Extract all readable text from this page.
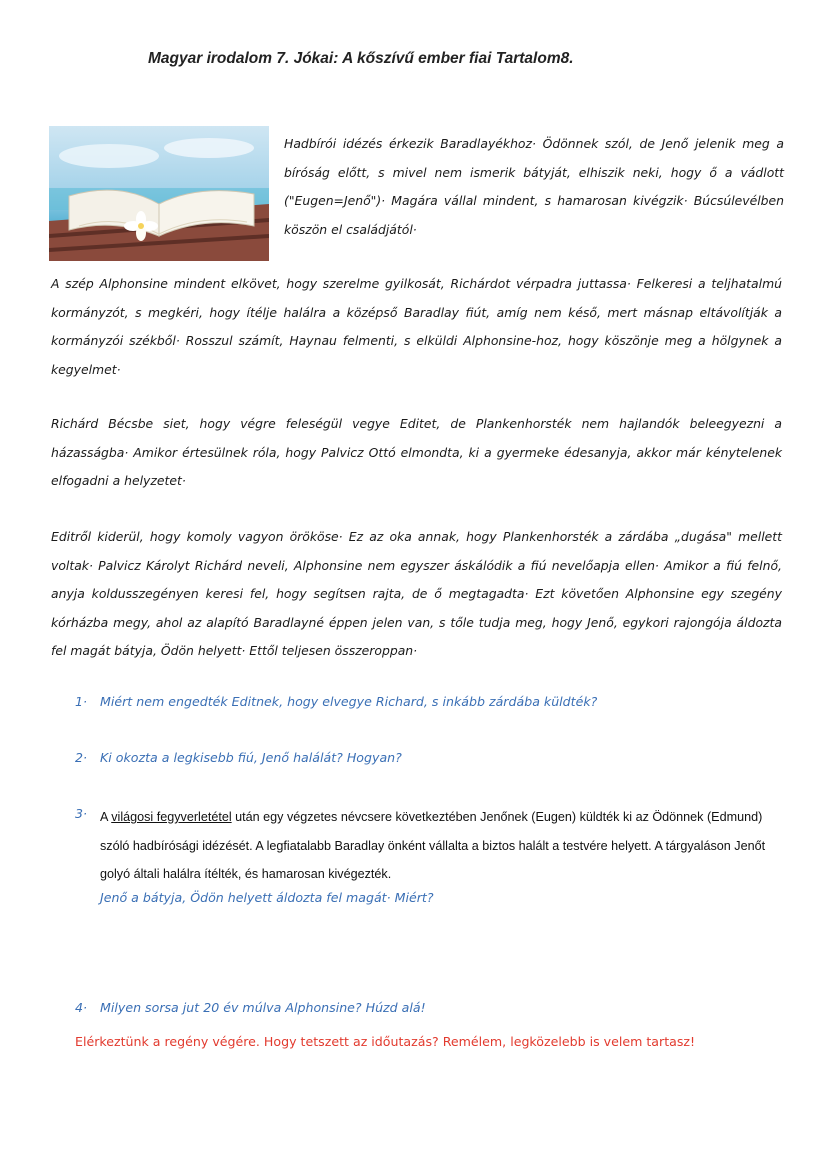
Magyar irodalom 7. Jókai: A kőszívű ember fiai Tartalom8.
Hadbírói idézés érkezik Baradlayékhoz· Ödönnek szól, de Jenő jelenik meg a bíróság előtt, s mivel nem ismerik bátyját, elhiszik neki, hogy ő a vádlott ("Eugen=Jenő")· Magára vállal mindent, s hamarosan kivégzik· Búcsúlevélben köszön el családjától·
A szép Alphonsine mindent elkövet, hogy szerelme gyilkosát, Richárdot vérpadra juttassa· Felkeresi a teljhatalmú kormányzót, s megkéri, hogy ítélje halálra a középső Baradlay fiút, amíg nem késő, mert másnap eltávolítják a kormányzói székből· Rosszul számít, Haynau felmenti, s elküldi Alphonsine-hoz, hogy köszönje meg a hölgynek a kegyelmet·
Richárd Bécsbe siet, hogy végre feleségül vegye Editet, de Plankenhorsték nem hajlandók beleegyezni a házasságba· Amikor értesülnek róla, hogy Palvicz Ottó elmondta, ki a gyermeke édesanyja, akkor már kénytelenek elfogadni a helyzetet·
Editről kiderül, hogy komoly vagyon örököse· Ez az oka annak, hogy Plankenhorsték a zárdába „dugása" mellett voltak· Palvicz Károlyt Richárd neveli, Alphonsine nem egyszer áskálódik a fiú nevelőapja ellen· Amikor a fiú felnő, anyja koldusszegényen keresi fel, hogy segítsen rajta, de ő megtagadta· Ezt követően Alphonsine egy szegény kórházba megy, ahol az alapító Baradlayné éppen jelen van, s tőle tudja meg, hogy Jenő, egykori rajongója áldozta fel magát bátyja, Ödön helyett· Ettől teljesen összeroppan·
1· Miért nem engedték Editnek, hogy elvegye Richard, s inkább zárdába küldték?
2· Ki okozta a legkisebb fiú, Jenő halálát? Hogyan?
3·	A világosi fegyverletétel után egy végzetes névcsere következtében Jenőnek (Eugen) küldték ki az Ödönnek (Edmund) szóló hadbírósági idézését. A legfiatalabb Baradlay önként vállalta a biztos halált a testvére helyett. A tárgyaláson Jenőt golyó általi halálra ítélték, és hamarosan kivégezték.
Jenő a bátyja, Ödön helyett áldozta fel magát· Miért?
4· Milyen sorsa jut 20 év múlva Alphonsine? Húzd alá!
Elérkeztünk a regény végére. Hogy tetszett az időutazás? Remélem, legközelebb is velem tartasz!
